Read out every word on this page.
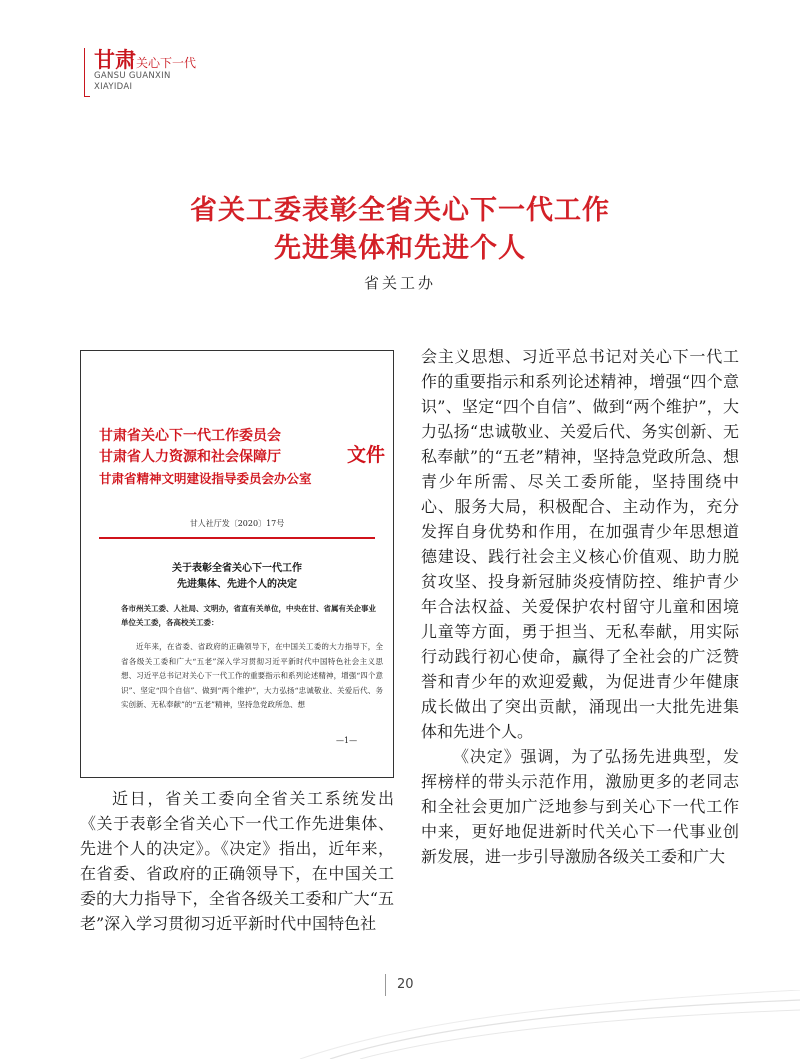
甘肃关心下一代
GANSU GUANXIN
XIAYIDAI
省关工委表彰全省关心下一代工作
先进集体和先进个人
省关工办
甘肃省关心下一代工作委员会
甘肃省人力资源和社会保障厅
甘肃省精神文明建设指导委员会办公室
文件
甘人社厅发〔2020〕17号
关于表彰全省关心下一代工作
先进集体、先进个人的决定
各市州关工委、人社局、文明办，省直有关单位，中央在甘、省属有关企事业单位关工委，各高校关工委：

近年来，在省委、省政府的正确领导下，在中国关工委的大力指导下，全省各级关工委和广大“五老”深入学习贯彻习近平新时代中国特色社会主义思想、习近平总书记对关心下一代工作的重要指示和系列论述精神，增强“四个意识”、坚定“四个自信”、做到“两个维护”，大力弘扬“忠诚敬业、关爱后代、务实创新、无私奉献”的“五老”精神，坚持急党政所急、想

—1—

近日，省关工委向全省关工系统发出《关于表彰全省关心下一代工作先进集体、先进个人的决定》。《决定》指出，近年来，在省委、省政府的正确领导下，在中国关工委的大力指导下，全省各级关工委和广大“五老”深入学习贯彻习近平新时代中国特色社

会主义思想、习近平总书记对关心下一代工作的重要指示和系列论述精神，增强“四个意识”、坚定“四个自信”、做到“两个维护”，大力弘扬“忠诚敬业、关爱后代、务实创新、无私奉献”的“五老”精神，坚持急党政所急、想青少年所需、尽关工委所能，坚持围绕中心、服务大局，积极配合、主动作为，充分发挥自身优势和作用，在加强青少年思想道德建设、践行社会主义核心价值观、助力脱贫攻坚、投身新冠肺炎疫情防控、维护青少年合法权益、关爱保护农村留守儿童和困境儿童等方面，勇于担当、无私奉献，用实际行动践行初心使命，赢得了全社会的广泛赞誉和青少年的欢迎爱戴，为促进青少年健康成长做出了突出贡献，涌现出一大批先进集体和先进个人。

《决定》强调，为了弘扬先进典型，发挥榜样的带头示范作用，激励更多的老同志和全社会更加广泛地参与到关心下一代工作中来，更好地促进新时代关心下一代事业创新发展，进一步引导激励各级关工委和广大

20
